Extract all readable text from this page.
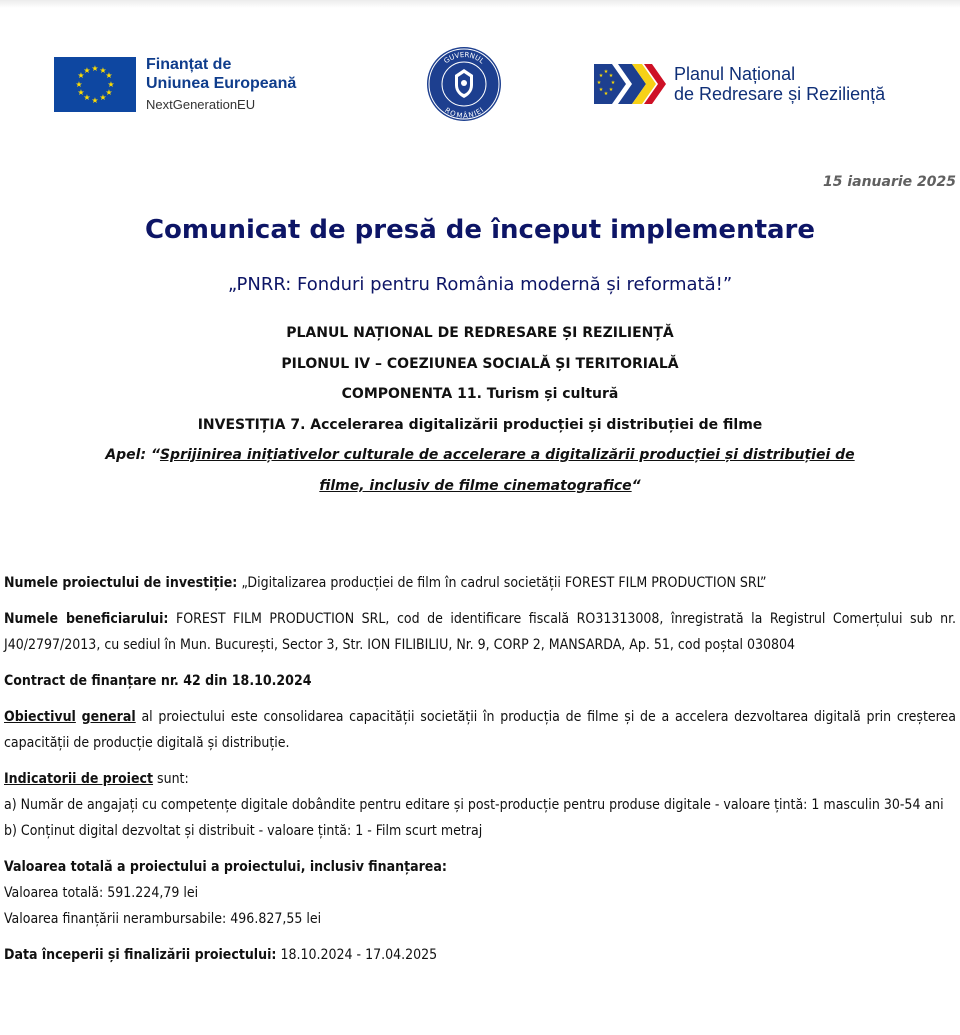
★ ★
★
★
★
★
★
★
★
★
★
★	Finanțat de
Uniunea Europeană
NextGenerationEU
GUVERNUL
ROMÂNIEI
★
★
★
★
★
★
★
★	Planul Național
de Redresare și Reziliență
15 ianuarie 2025
Comunicat de presă de început implementare
„PNRR: Fonduri pentru România modernă și reformată!”
PLANUL NAȚIONAL DE REDRESARE ȘI REZILIENȚĂ
PILONUL IV – COEZIUNEA SOCIALĂ ȘI TERITORIALĂ
COMPONENTA 11. Turism și cultură
INVESTIȚIA 7. Accelerarea digitalizării producției și distribuției de filme
Apel: “Sprijinirea inițiativelor culturale de accelerare a digitalizării producției și distribuției de filme, inclusiv de filme cinematografice“

Numele proiectului de investiție: „Digitalizarea producției de film în cadrul societății FOREST FILM PRODUCTION SRL”

Numele beneficiarului: FOREST FILM PRODUCTION SRL, cod de identificare fiscală RO31313008, înregistrată la Registrul Comerțului sub nr. J40/2797/2013, cu sediul în Mun. București, Sector 3, Str. ION FILIBILIU, Nr. 9, CORP 2, MANSARDA, Ap. 51, cod poștal 030804

Contract de finanțare nr. 42 din 18.10.2024

Obiectivul general al proiectului este consolidarea capacității societății în producția de filme și de a accelera dezvoltarea digitală prin creșterea capacității de producție digitală și distribuție.

Indicatorii de proiect sunt:

a) Număr de angajați cu competențe digitale dobândite pentru editare și post-producție pentru produse digitale - valoare țintă: 1 masculin 30-54 ani

b) Conținut digital dezvoltat și distribuit - valoare țintă: 1 - Film scurt metraj

Valoarea totală a proiectului a proiectului, inclusiv finanțarea:

Valoarea totală: 591.224,79 lei

Valoarea finanțării nerambursabile: 496.827,55 lei

Data începerii și finalizării proiectului: 18.10.2024 - 17.04.2025
